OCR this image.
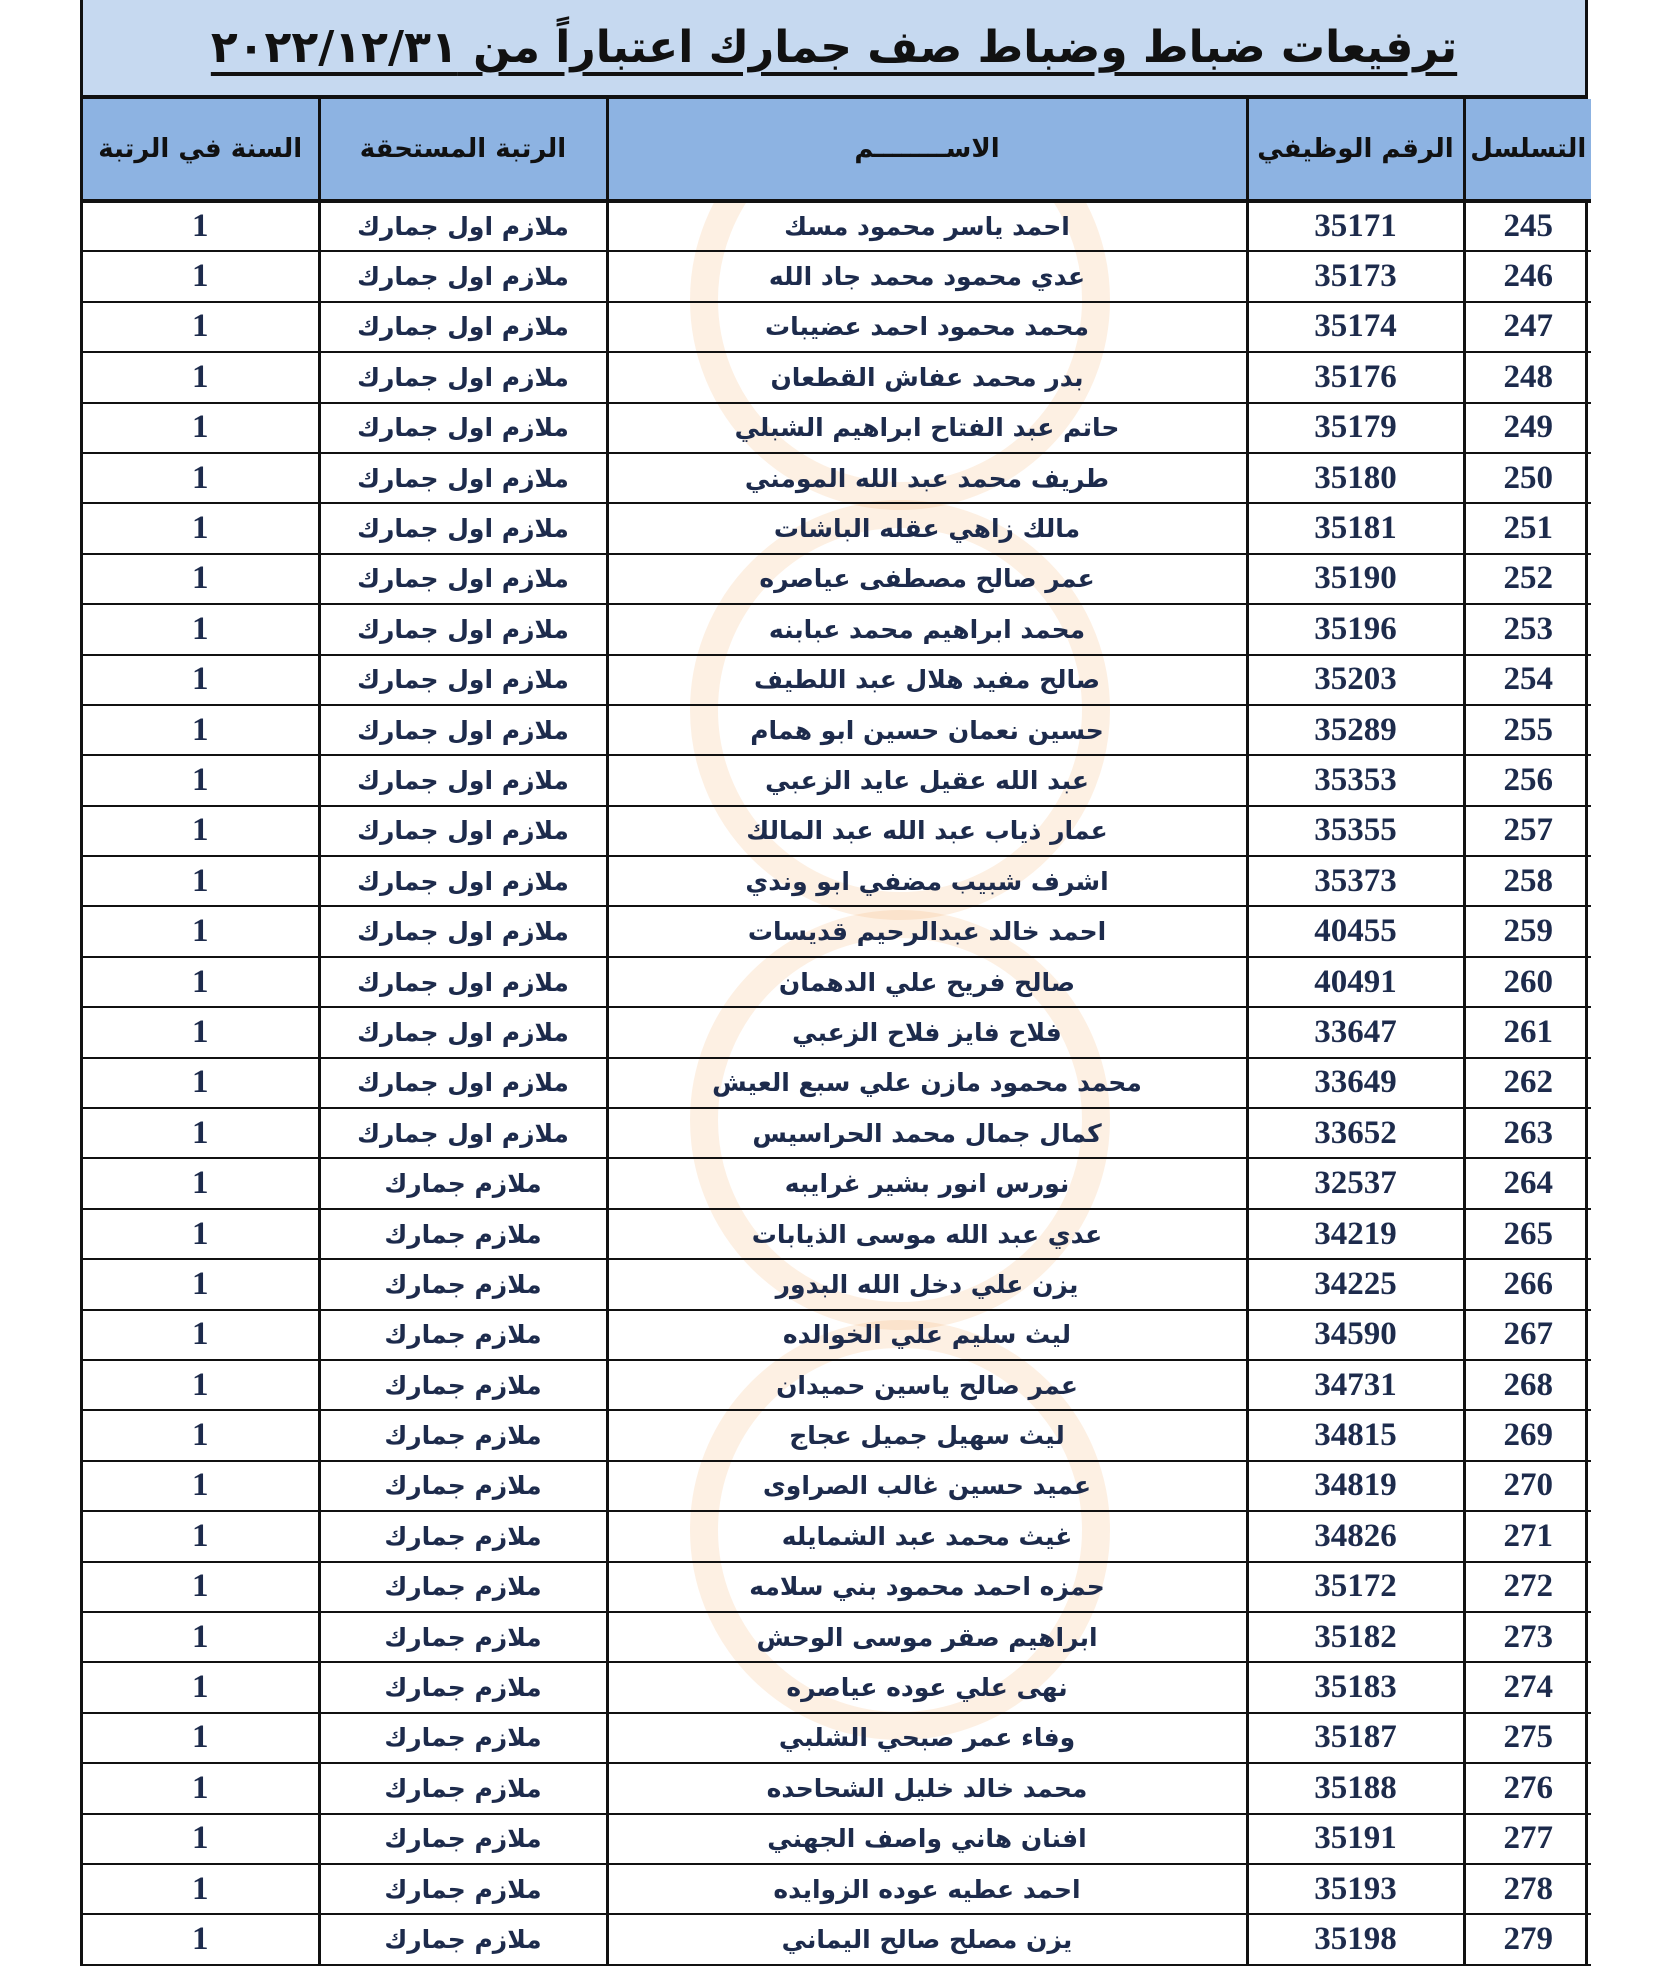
ترفيعات ضباط وضباط صف جمارك اعتباراً من ٢٠٢٢/١٢/٣١
التسلسل	الرقم الوظيفي	الاســــــــم	الرتبة المستحقة	السنة في الرتبة
245	35171	احمد ياسر محمود مسك	ملازم اول جمارك	1
246	35173	عدي محمود محمد جاد الله	ملازم اول جمارك	1
247	35174	محمد محمود احمد عضيبات	ملازم اول جمارك	1
248	35176	بدر محمد عفاش القطعان	ملازم اول جمارك	1
249	35179	حاتم عبد الفتاح ابراهيم الشبلي	ملازم اول جمارك	1
250	35180	طريف محمد عبد الله المومني	ملازم اول جمارك	1
251	35181	مالك زاهي عقله الباشات	ملازم اول جمارك	1
252	35190	عمر صالح مصطفى عياصره	ملازم اول جمارك	1
253	35196	محمد ابراهيم محمد عبابنه	ملازم اول جمارك	1
254	35203	صالح مفيد هلال عبد اللطيف	ملازم اول جمارك	1
255	35289	حسين نعمان حسين ابو همام	ملازم اول جمارك	1
256	35353	عبد الله عقيل عايد الزعبي	ملازم اول جمارك	1
257	35355	عمار ذياب عبد الله عبد المالك	ملازم اول جمارك	1
258	35373	اشرف شبيب مضفي ابو وندي	ملازم اول جمارك	1
259	40455	احمد خالد عبدالرحيم قديسات	ملازم اول جمارك	1
260	40491	صالح فريح علي الدهمان	ملازم اول جمارك	1
261	33647	فلاح فايز فلاح الزعبي	ملازم اول جمارك	1
262	33649	محمد محمود مازن علي سبع العيش	ملازم اول جمارك	1
263	33652	كمال جمال محمد الحراسيس	ملازم اول جمارك	1
264	32537	نورس انور بشير غرايبه	ملازم جمارك	1
265	34219	عدي عبد الله موسى الذيابات	ملازم جمارك	1
266	34225	يزن علي دخل الله البدور	ملازم جمارك	1
267	34590	ليث سليم علي الخوالده	ملازم جمارك	1
268	34731	عمر صالح ياسين حميدان	ملازم جمارك	1
269	34815	ليث سهيل جميل عجاج	ملازم جمارك	1
270	34819	عميد حسين غالب الصراوى	ملازم جمارك	1
271	34826	غيث محمد عبد الشمايله	ملازم جمارك	1
272	35172	حمزه احمد محمود بني سلامه	ملازم جمارك	1
273	35182	ابراهيم صقر موسى الوحش	ملازم جمارك	1
274	35183	نهى علي عوده عياصره	ملازم جمارك	1
275	35187	وفاء عمر صبحي الشلبي	ملازم جمارك	1
276	35188	محمد خالد خليل الشحاحده	ملازم جمارك	1
277	35191	افنان هاني واصف الجهني	ملازم جمارك	1
278	35193	احمد عطيه عوده الزوايده	ملازم جمارك	1
279	35198	يزن مصلح صالح اليماني	ملازم جمارك	1
